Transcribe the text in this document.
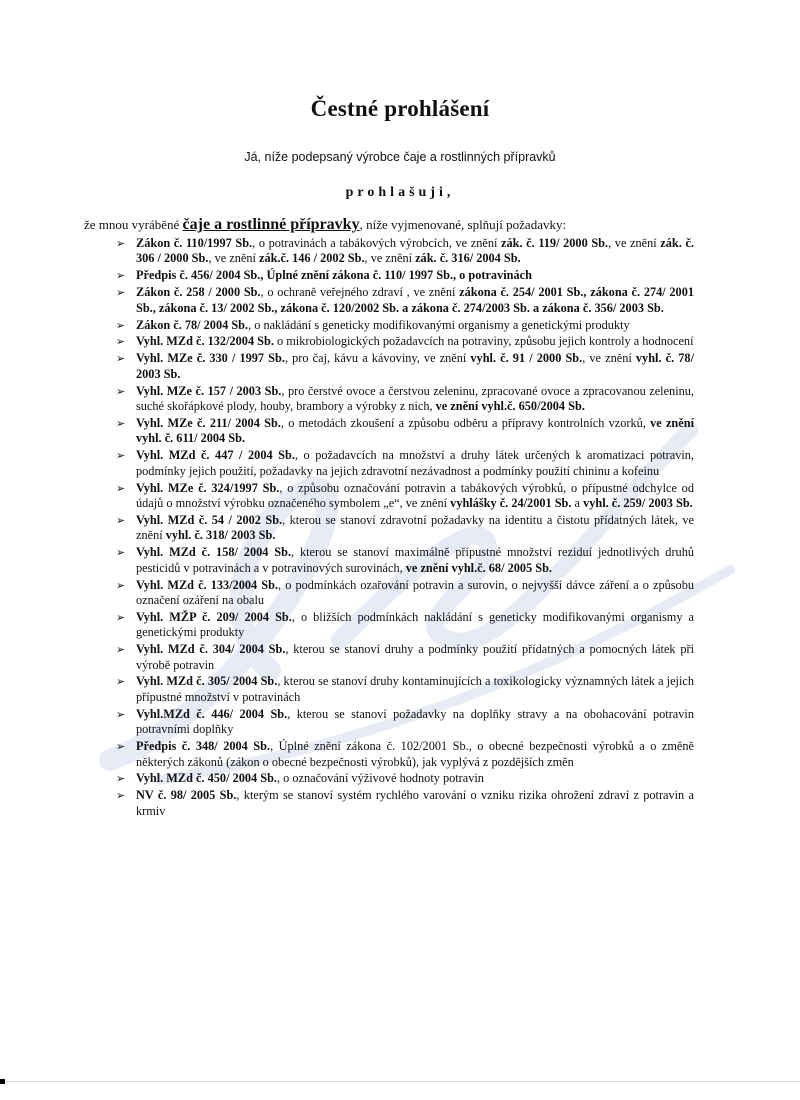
Čestné prohlášení
Já, níže podepsaný výrobce čaje a rostlinných přípravků
prohlašuji,
že mnou vyráběné čaje a rostlinné přípravky, níže vyjmenované, splňují požadavky:
➢ Zákon č. 110/1997 Sb., o potravinách a tabákových výrobcích, ve znění zák. č. 119/ 2000 Sb., ve znění zák. č. 306 / 2000 Sb., ve znění zák.č. 146 / 2002 Sb., ve znění zák. č. 316/ 2004 Sb.
➢ Předpis č. 456/ 2004 Sb., Úplné znění zákona č. 110/ 1997 Sb., o potravinách
➢ Zákon č. 258 / 2000 Sb., o ochraně veřejného zdraví , ve znění zákona č. 254/ 2001 Sb., zákona č. 274/ 2001 Sb., zákona č. 13/ 2002 Sb., zákona č. 120/2002 Sb. a zákona č. 274/2003 Sb. a zákona č. 356/ 2003 Sb.
➢ Zákon č. 78/ 2004 Sb., o nakládání s geneticky modifikovanými organismy a genetickými produkty
➢ Vyhl. MZd č. 132/2004 Sb. o mikrobiologických požadavcích na potraviny, způsobu jejich kontroly a hodnocení
➢ Vyhl. MZe č. 330 / 1997 Sb., pro čaj, kávu a kávoviny, ve znění vyhl. č. 91 / 2000 Sb., ve znění vyhl. č. 78/ 2003 Sb.
➢ Vyhl. MZe č. 157 / 2003 Sb., pro čerstvé ovoce a čerstvou zeleninu, zpracované ovoce a zpracovanou zeleninu, suché skořápkové plody, houby, brambory a výrobky z nich, ve znění vyhl.č. 650/2004 Sb.
➢ Vyhl. MZe č. 211/ 2004 Sb., o metodách zkoušení a způsobu odběru a přípravy kontrolních vzorků, ve znění vyhl. č. 611/ 2004 Sb.
➢ Vyhl. MZd č. 447 / 2004 Sb., o požadavcích na množství a druhy látek určených k aromatizaci potravin, podmínky jejich použití, požadavky na jejich zdravotní nezávadnost a podmínky použití chininu a kofeinu
➢ Vyhl. MZe č. 324/1997 Sb., o způsobu označování potravin a tabákových výrobků, o přípustné odchylce od údajů o množství výrobku označeného symbolem „e“, ve znění vyhlášky č. 24/2001 Sb. a vyhl. č. 259/ 2003 Sb.
➢ Vyhl. MZd č. 54 / 2002 Sb., kterou se stanoví zdravotní požadavky na identitu a čistotu přídatných látek, ve znění vyhl. č. 318/ 2003 Sb.
➢ Vyhl. MZd č. 158/ 2004 Sb., kterou se stanoví maximálně přípustné množství reziduí jednotlivých druhů pesticidů v potravinách a v potravinových surovinách, ve znění vyhl.č. 68/ 2005 Sb.
➢ Vyhl. MZd č. 133/2004 Sb., o podmínkách ozařování potravin a surovin, o nejvyšší dávce záření a o způsobu označení ozáření na obalu
➢ Vyhl. MŽP č. 209/ 2004 Sb., o bližších podmínkách nakládání s geneticky modifikovanými organismy a genetickými produkty
➢ Vyhl. MZd č. 304/ 2004 Sb., kterou se stanoví druhy a podmínky použití přídatných a pomocných látek při výrobě potravin
➢ Vyhl. MZd č. 305/ 2004 Sb., kterou se stanoví druhy kontaminujících a toxikologicky významných látek a jejich přípustné množství v potravinách
➢ Vyhl.MZd č. 446/ 2004 Sb., kterou se stanoví požadavky na doplňky stravy a na obohacování potravin potravními doplňky
➢ Předpis č. 348/ 2004 Sb., Úplné znění zákona č. 102/2001 Sb., o obecné bezpečnosti výrobků a o změně některých zákonů (zákon o obecné bezpečnosti výrobků), jak vyplývá z pozdějších změn
➢ Vyhl. MZd č. 450/ 2004 Sb., o označování výživové hodnoty potravin
➢ NV č. 98/ 2005 Sb., kterým se stanoví systém rychlého varování o vzniku rizika ohrožení zdraví z potravin a krmiv
